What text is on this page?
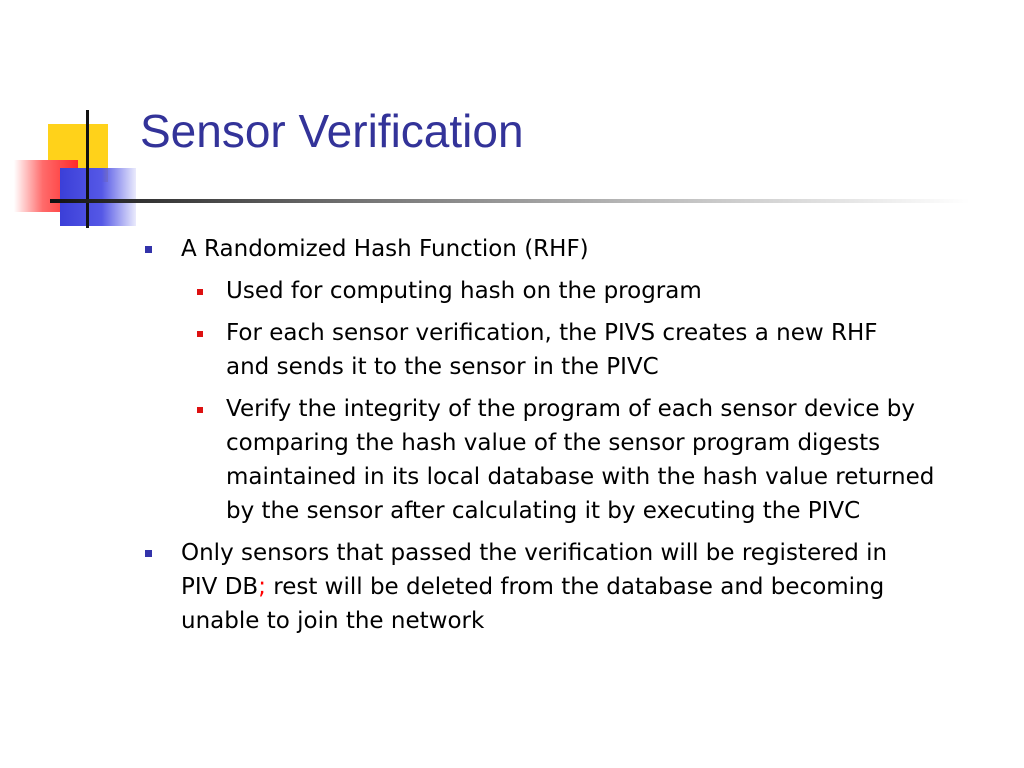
Sensor Verification
A Randomized Hash Function (RHF)
Used for computing hash on the program
For each sensor verification, the PIVS creates a new RHF
and sends it to the sensor in the PIVC
Verify the integrity of the program of each sensor device by
comparing the hash value of the sensor program digests
maintained in its local database with the hash value returned
by the sensor after calculating it by executing the PIVC
Only sensors that passed the verification will be registered in
PIV DB; rest will be deleted from the database and becoming
unable to join the network
